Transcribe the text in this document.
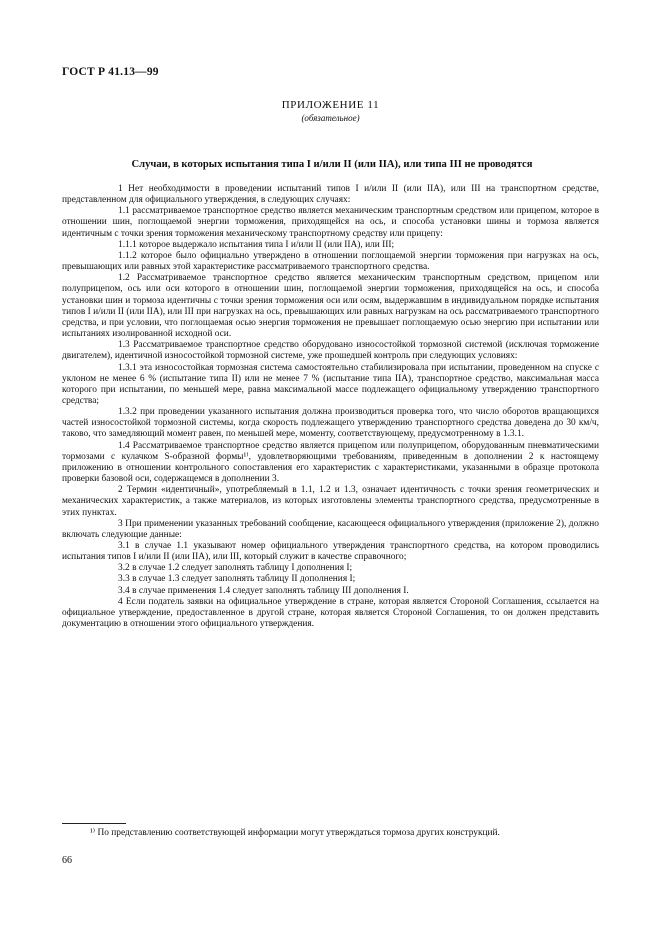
ГОСТ Р 41.13—99
ПРИЛОЖЕНИЕ 11
(обязательное)
Случаи, в которых испытания типа I и/или II (или IIA), или типа III не проводятся

1 Нет необходимости в проведении испытаний типов I и/или II (или IIA), или III на транспортном средстве, представленном для официального утверждения, в следующих случаях:

1.1 рассматриваемое транспортное средство является механическим транспортным средством или прицепом, которое в отношении шин, поглощаемой энергии торможения, приходящейся на ось, и способа установки шины и тормоза является идентичным с точки зрения торможения механическому транспортному средству или прицепу:

1.1.1 которое выдержало испытания типа I и/или II (или IIA), или III;

1.1.2 которое было официально утверждено в отношении поглощаемой энергии торможения при нагрузках на ось, превышающих или равных этой характеристике рассматриваемого транспортного средства.

1.2 Рассматриваемое транспортное средство является механическим транспортным средством, прицепом или полуприцепом, ось или оси которого в отношении шин, поглощаемой энергии торможения, приходящейся на ось, и способа установки шин и тормоза идентичны с точки зрения торможения оси или осям, выдержавшим в индивидуальном порядке испытания типов I и/или II (или IIA), или III при нагрузках на ось, превышающих или равных нагрузкам на ось рассматриваемого транспортного средства, и при условии, что поглощаемая осью энергия торможения не превышает поглощаемую осью энергию при испытании или испытаниях изолированной исходной оси.

1.3 Рассматриваемое транспортное средство оборудовано износостойкой тормозной системой (исключая торможение двигателем), идентичной износостойкой тормозной системе, уже прошедшей контроль при следующих условиях:

1.3.1 эта износостойкая тормозная система самостоятельно стабилизировала при испытании, проведенном на спуске с уклоном не менее 6 % (испытание типа II) или не менее 7 % (испытание типа IIA), транспортное средство, максимальная масса которого при испытании, по меньшей мере, равна максимальной массе подлежащего официальному утверждению транспортного средства;

1.3.2 при проведении указанного испытания должна производиться проверка того, что число оборотов вращающихся частей износостойкой тормозной системы, когда скорость подлежащего утверждению транспортного средства доведена до 30 км/ч, таково, что замедляющий момент равен, по меньшей мере, моменту, соответствующему, предусмотренному в 1.3.1.

1.4 Рассматриваемое транспортное средство является прицепом или полуприцепом, оборудованным пневматическими тормозами с кулачком S-образной формы¹⁾, удовлетворяющими требованиям, приведенным в дополнении 2 к настоящему приложению в отношении контрольного сопоставления его характеристик с характеристиками, указанными в образце протокола проверки базовой оси, содержащемся в дополнении 3.

2 Термин «идентичный», употребляемый в 1.1, 1.2 и 1.3, означает идентичность с точки зрения геометрических и механических характеристик, а также материалов, из которых изготовлены элементы транспортного средства, предусмотренные в этих пунктах.

3 При применении указанных требований сообщение, касающееся официального утверждения (приложение 2), должно включать следующие данные:

3.1 в случае 1.1 указывают номер официального утверждения транспортного средства, на котором проводились испытания типов I и/или II (или IIA), или III, который служит в качестве справочного;

3.2 в случае 1.2 следует заполнять таблицу I дополнения I;

3.3 в случае 1.3 следует заполнять таблицу II дополнения I;

3.4 в случае применения 1.4 следует заполнять таблицу III дополнения I.

4 Если податель заявки на официальное утверждение в стране, которая является Стороной Соглашения, ссылается на официальное утверждение, предоставленное в другой стране, которая является Стороной Соглашения, то он должен представить документацию в отношении этого официального утверждения.

¹⁾ По представлению соответствующей информации могут утверждаться тормоза других конструкций.
66
